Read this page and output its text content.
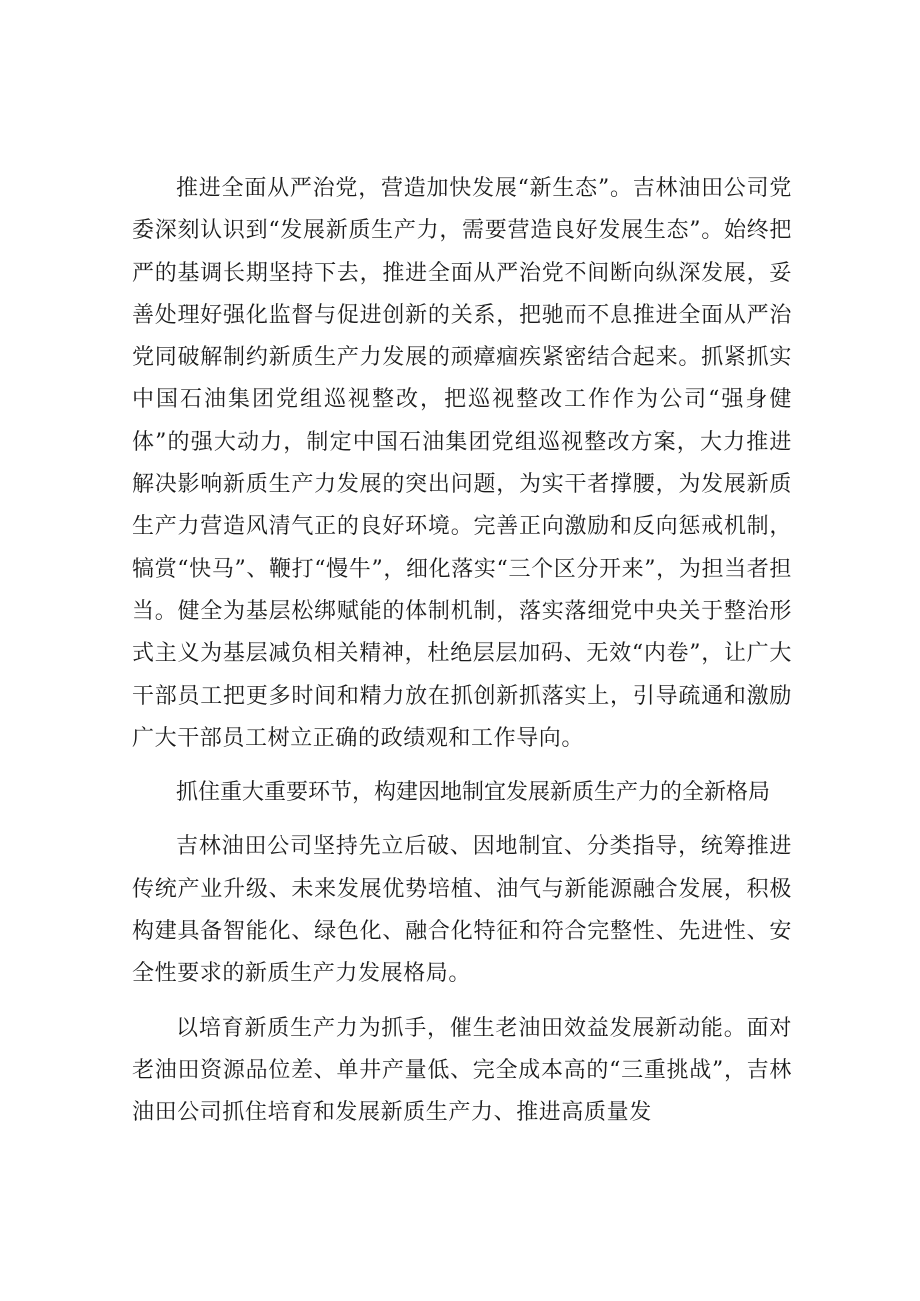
推进全面从严治党，营造加快发展“新生态”。吉林油田公司党委深刻认识到“发展新质生产力，需要营造良好发展生态”。始终把严的基调长期坚持下去，推进全面从严治党不间断向纵深发展，妥善处理好强化监督与促进创新的关系，把驰而不息推进全面从严治党同破解制约新质生产力发展的顽瘴痼疾紧密结合起来。抓紧抓实中国石油集团党组巡视整改，把巡视整改工作作为公司“强身健体”的强大动力，制定中国石油集团党组巡视整改方案，大力推进解决影响新质生产力发展的突出问题，为实干者撑腰，为发展新质生产力营造风清气正的良好环境。完善正向激励和反向惩戒机制，犒赏“快马”、鞭打“慢牛”，细化落实“三个区分开来”，为担当者担当。健全为基层松绑赋能的体制机制，落实落细党中央关于整治形式主义为基层减负相关精神，杜绝层层加码、无效“内卷”，让广大干部员工把更多时间和精力放在抓创新抓落实上，引导疏通和激励广大干部员工树立正确的政绩观和工作导向。

抓住重大重要环节，构建因地制宜发展新质生产力的全新格局

吉林油田公司坚持先立后破、因地制宜、分类指导，统筹推进传统产业升级、未来发展优势培植、油气与新能源融合发展，积极构建具备智能化、绿色化、融合化特征和符合完整性、先进性、安全性要求的新质生产力发展格局。

以培育新质生产力为抓手，催生老油田效益发展新动能。面对老油田资源品位差、单井产量低、完全成本高的“三重挑战”，吉林油田公司抓住培育和发展新质生产力、推进高质量发
